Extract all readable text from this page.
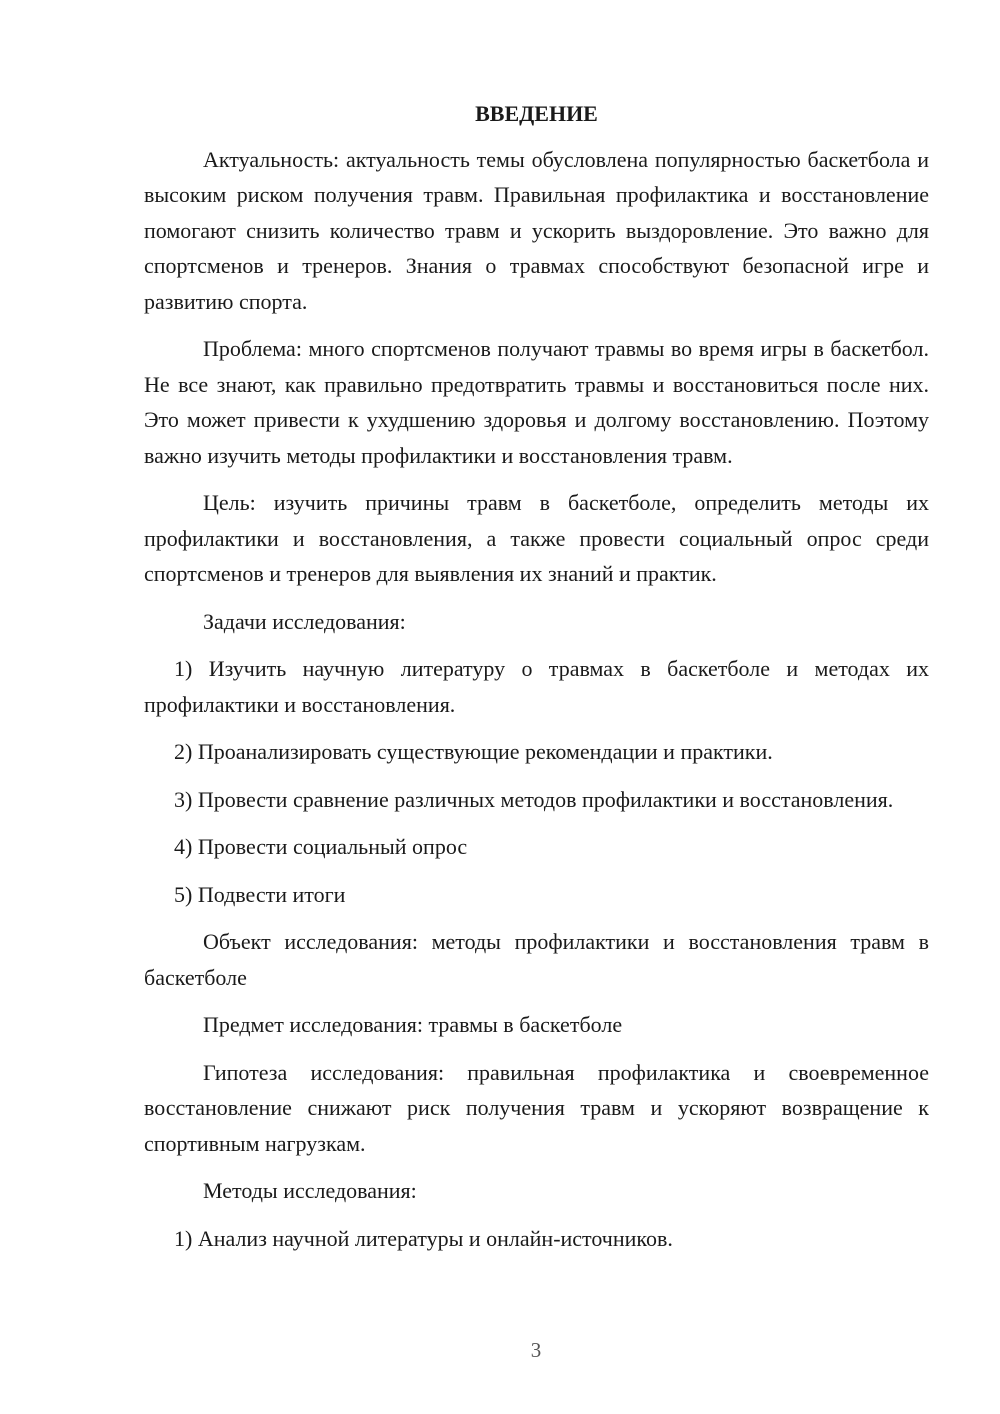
ВВЕДЕНИЕ

Актуальность: актуальность темы обусловлена популярностью баскетбола и высоким риском получения травм. Правильная профилактика и восстановление помогают снизить количество травм и ускорить выздоровление. Это важно для спортсменов и тренеров. Знания о травмах способствуют безопасной игре и развитию спорта.

Проблема: много спортсменов получают травмы во время игры в баскетбол. Не все знают, как правильно предотвратить травмы и восстановиться после них. Это может привести к ухудшению здоровья и долгому восстановлению. Поэтому важно изучить методы профилактики и восстановления травм.

Цель: изучить причины травм в баскетболе, определить методы их профилактики и восстановления, а также провести социальный опрос среди спортсменов и тренеров для выявления их знаний и практик.

Задачи исследования:

1) Изучить научную литературу о травмах в баскетболе и методах их профилактики и восстановления.

2) Проанализировать существующие рекомендации и практики.

3) Провести сравнение различных методов профилактики и восстановления.

4) Провести социальный опрос

5) Подвести итоги

Объект исследования: методы профилактики и восстановления травм в баскетболе

Предмет исследования: травмы в баскетболе

Гипотеза исследования: правильная профилактика и своевременное восстановление снижают риск получения травм и ускоряют возвращение к спортивным нагрузкам.

Методы исследования:

1) Анализ научной литературы и онлайн-источников.

3
